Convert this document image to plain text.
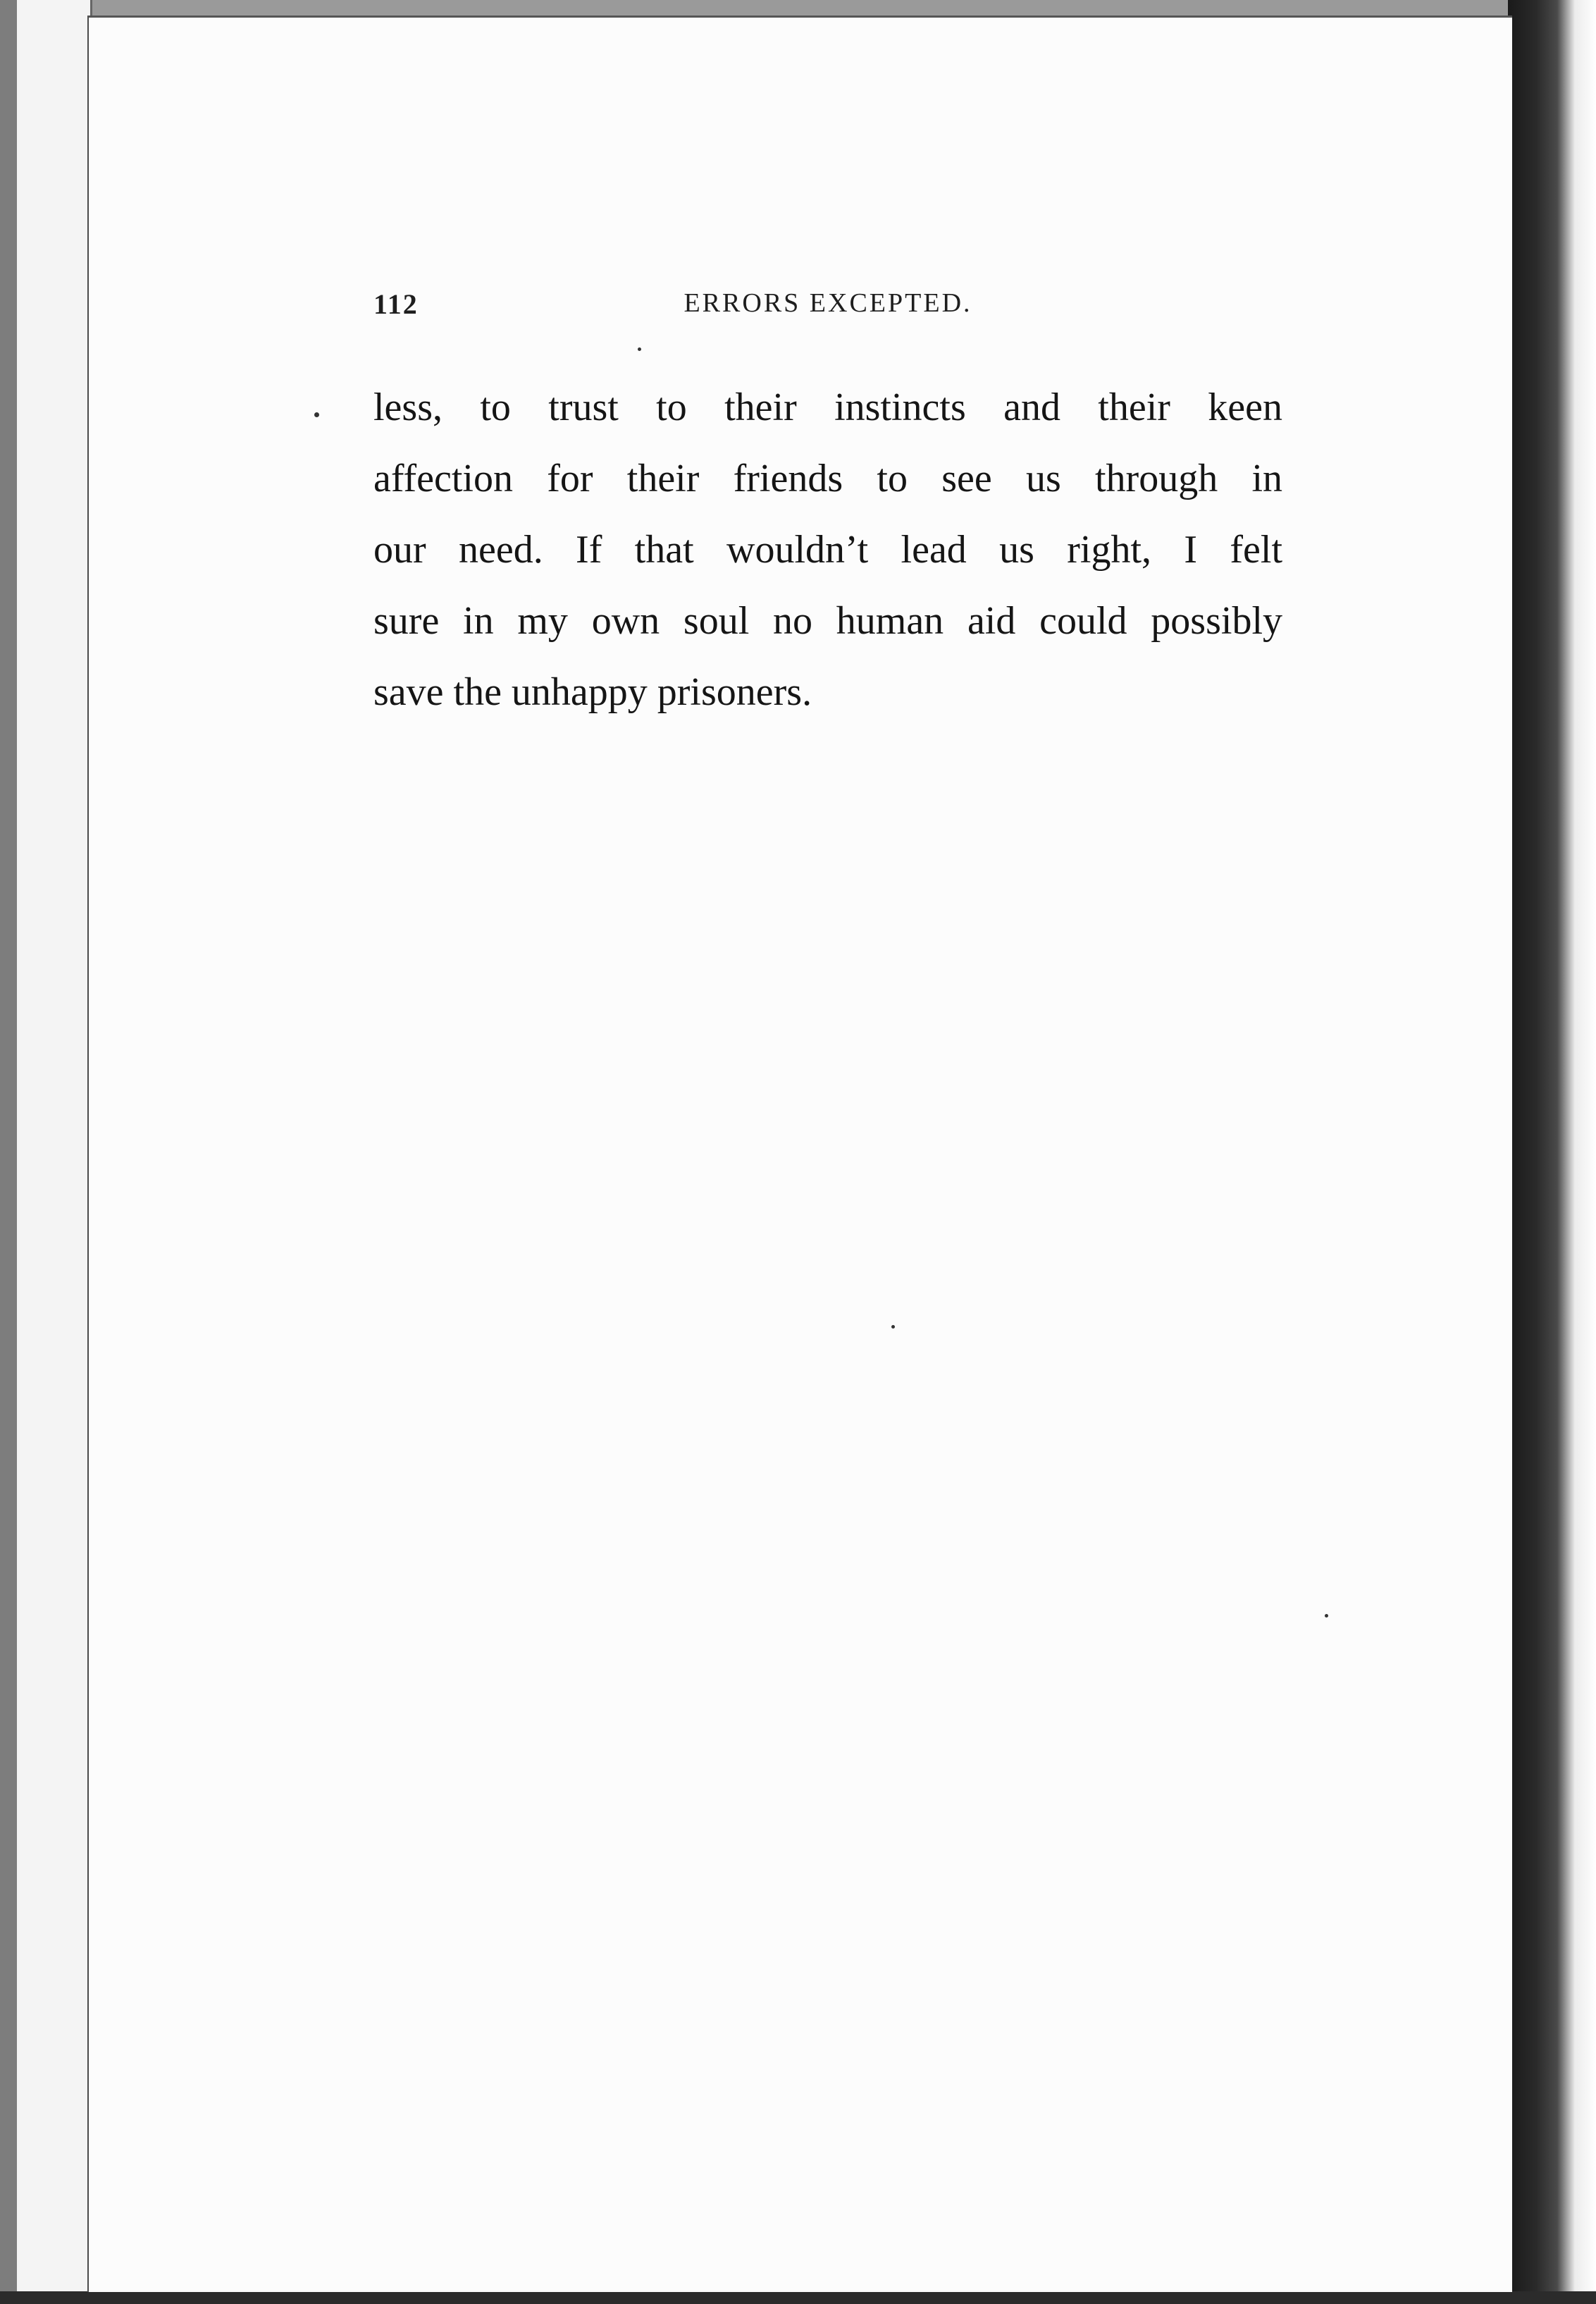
112	ERRORS EXCEPTED.
less, to trust to their instincts and their keen
affection for their friends to see us through in
our need. If that wouldn’t lead us right, I felt
sure in my own soul no human aid could possibly
save the unhappy prisoners.
